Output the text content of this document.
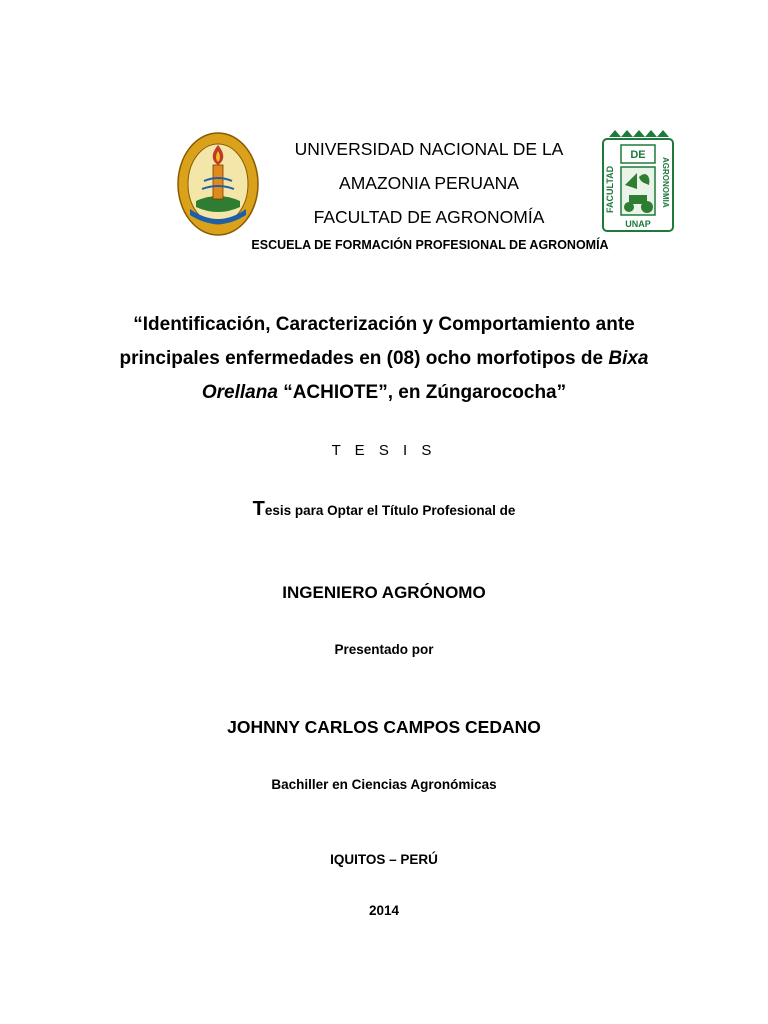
DE
FACULTAD	AGRONOMIA
UNAP
UNIVERSIDAD NACIONAL DE LA
AMAZONIA PERUANA
FACULTAD DE AGRONOMÍA
ESCUELA DE FORMACIÓN PROFESIONAL DE AGRONOMÍA
“Identificación, Caracterización y Comportamiento ante
principales enfermedades en (08) ocho morfotipos de Bixa
Orellana “ACHIOTE”, en Zúngarococha”
T E S I S
Tesis para Optar el Título Profesional de
INGENIERO AGRÓNOMO
Presentado por
JOHNNY CARLOS CAMPOS CEDANO
Bachiller en Ciencias Agronómicas
IQUITOS – PERÚ
2014
